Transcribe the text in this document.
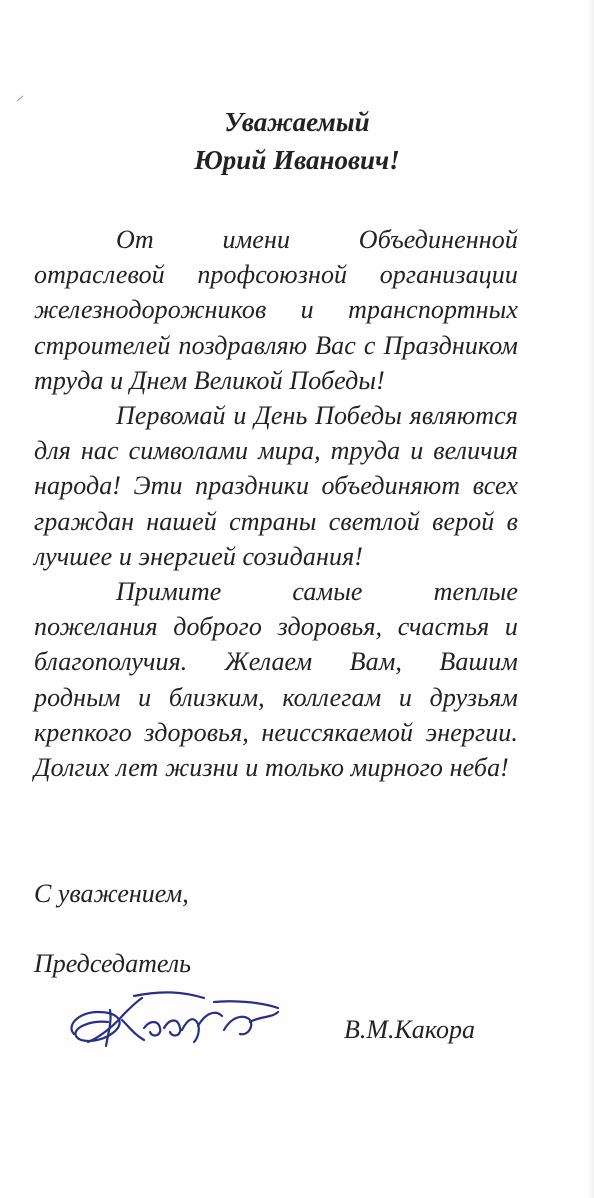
Уважаемый
Юрий Иванович!

От имени Объединенной отраслевой профсоюзной организации железнодорожников и транспортных строителей поздравляю Вас с Праздником труда и Днем Великой Победы!

Первомай и День Победы являются для нас символами мира, труда и величия народа! Эти праздники объединяют всех граждан нашей страны светлой верой в лучшее и энергией созидания!

Примите самые теплые пожелания доброго здоровья, счастья и благополучия. Желаем Вам, Вашим родным и близким, коллегам и друзьям крепкого здоровья, неиссякаемой энергии. Долгих лет жизни и только мирного неба!

С уважением,
Председатель
В.М.Какора
